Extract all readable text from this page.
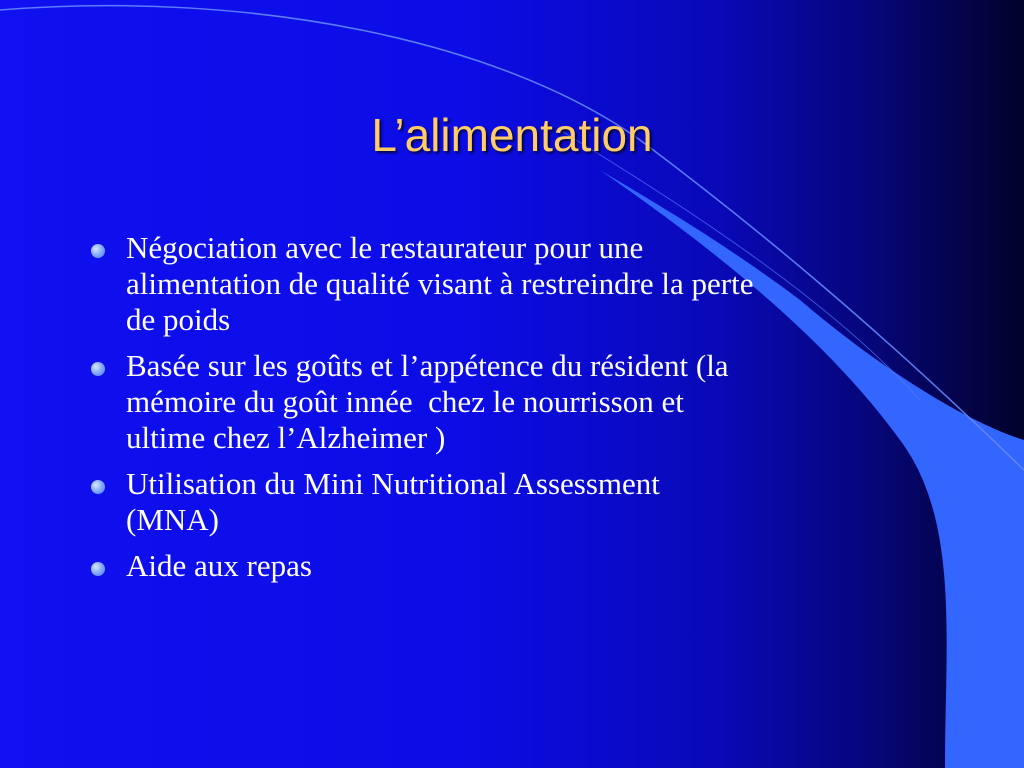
L’alimentation
Négociation avec le restaurateur pour une
alimentation de qualité visant à restreindre la perte
de poids
Basée sur les goûts et l’appétence du résident (la
mémoire du goût innée  chez le nourrisson et
ultime chez l’Alzheimer )
Utilisation du Mini Nutritional Assessment
(MNA)
Aide aux repas
